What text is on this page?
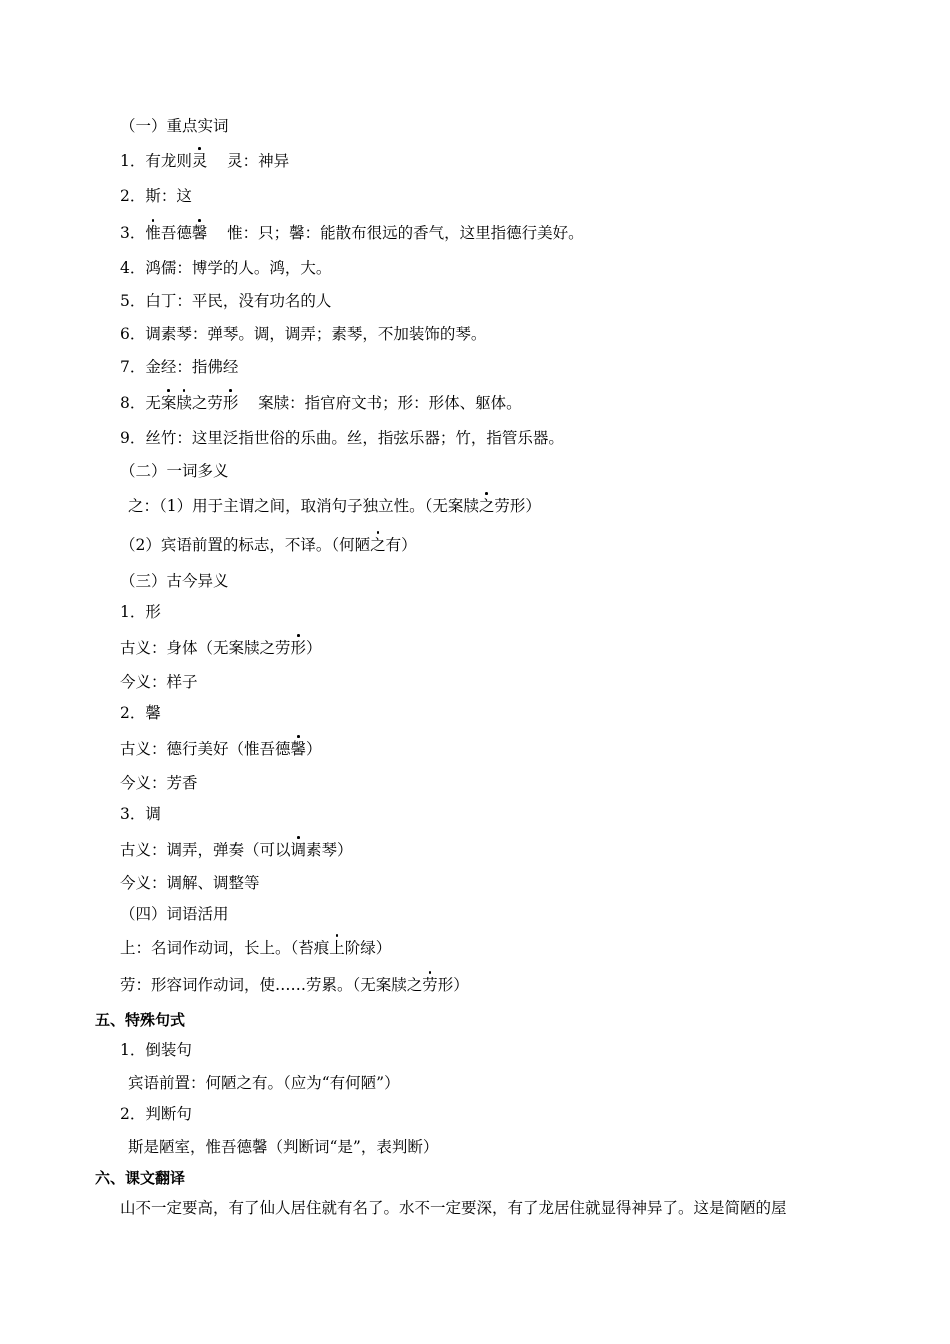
（一）重点实词
1．有龙则灵    灵：神异
2．斯：这
3．惟吾德馨    惟：只；馨：能散布很远的香气，这里指德行美好。
4．鸿儒：博学的人。鸿，大。
5．白丁：平民，没有功名的人
6．调素琴：弹琴。调，调弄；素琴，不加装饰的琴。
7．金经：指佛经
8．无案牍之劳形    案牍：指官府文书；形：形体、躯体。
9．丝竹：这里泛指世俗的乐曲。丝，指弦乐器；竹，指管乐器。
（二）一词多义
之：（1）用于主谓之间，取消句子独立性。（无案牍之劳形）
（2）宾语前置的标志，不译。（何陋之有）
（三）古今异义
1．形
古义：身体（无案牍之劳形）
今义：样子
2．馨
古义：德行美好（惟吾德馨）
今义：芳香
3．调
古义：调弄，弹奏（可以调素琴）
今义：调解、调整等
（四）词语活用
上：名词作动词，长上。（苔痕上阶绿）
劳：形容词作动词，使……劳累。（无案牍之劳形）
五、特殊句式
1．倒装句
宾语前置：何陋之有。（应为“有何陋”）
2．判断句
斯是陋室，惟吾德馨（判断词“是”，表判断）
六、课文翻译
山不一定要高，有了仙人居住就有名了。水不一定要深，有了龙居住就显得神异了。这是简陋的屋
